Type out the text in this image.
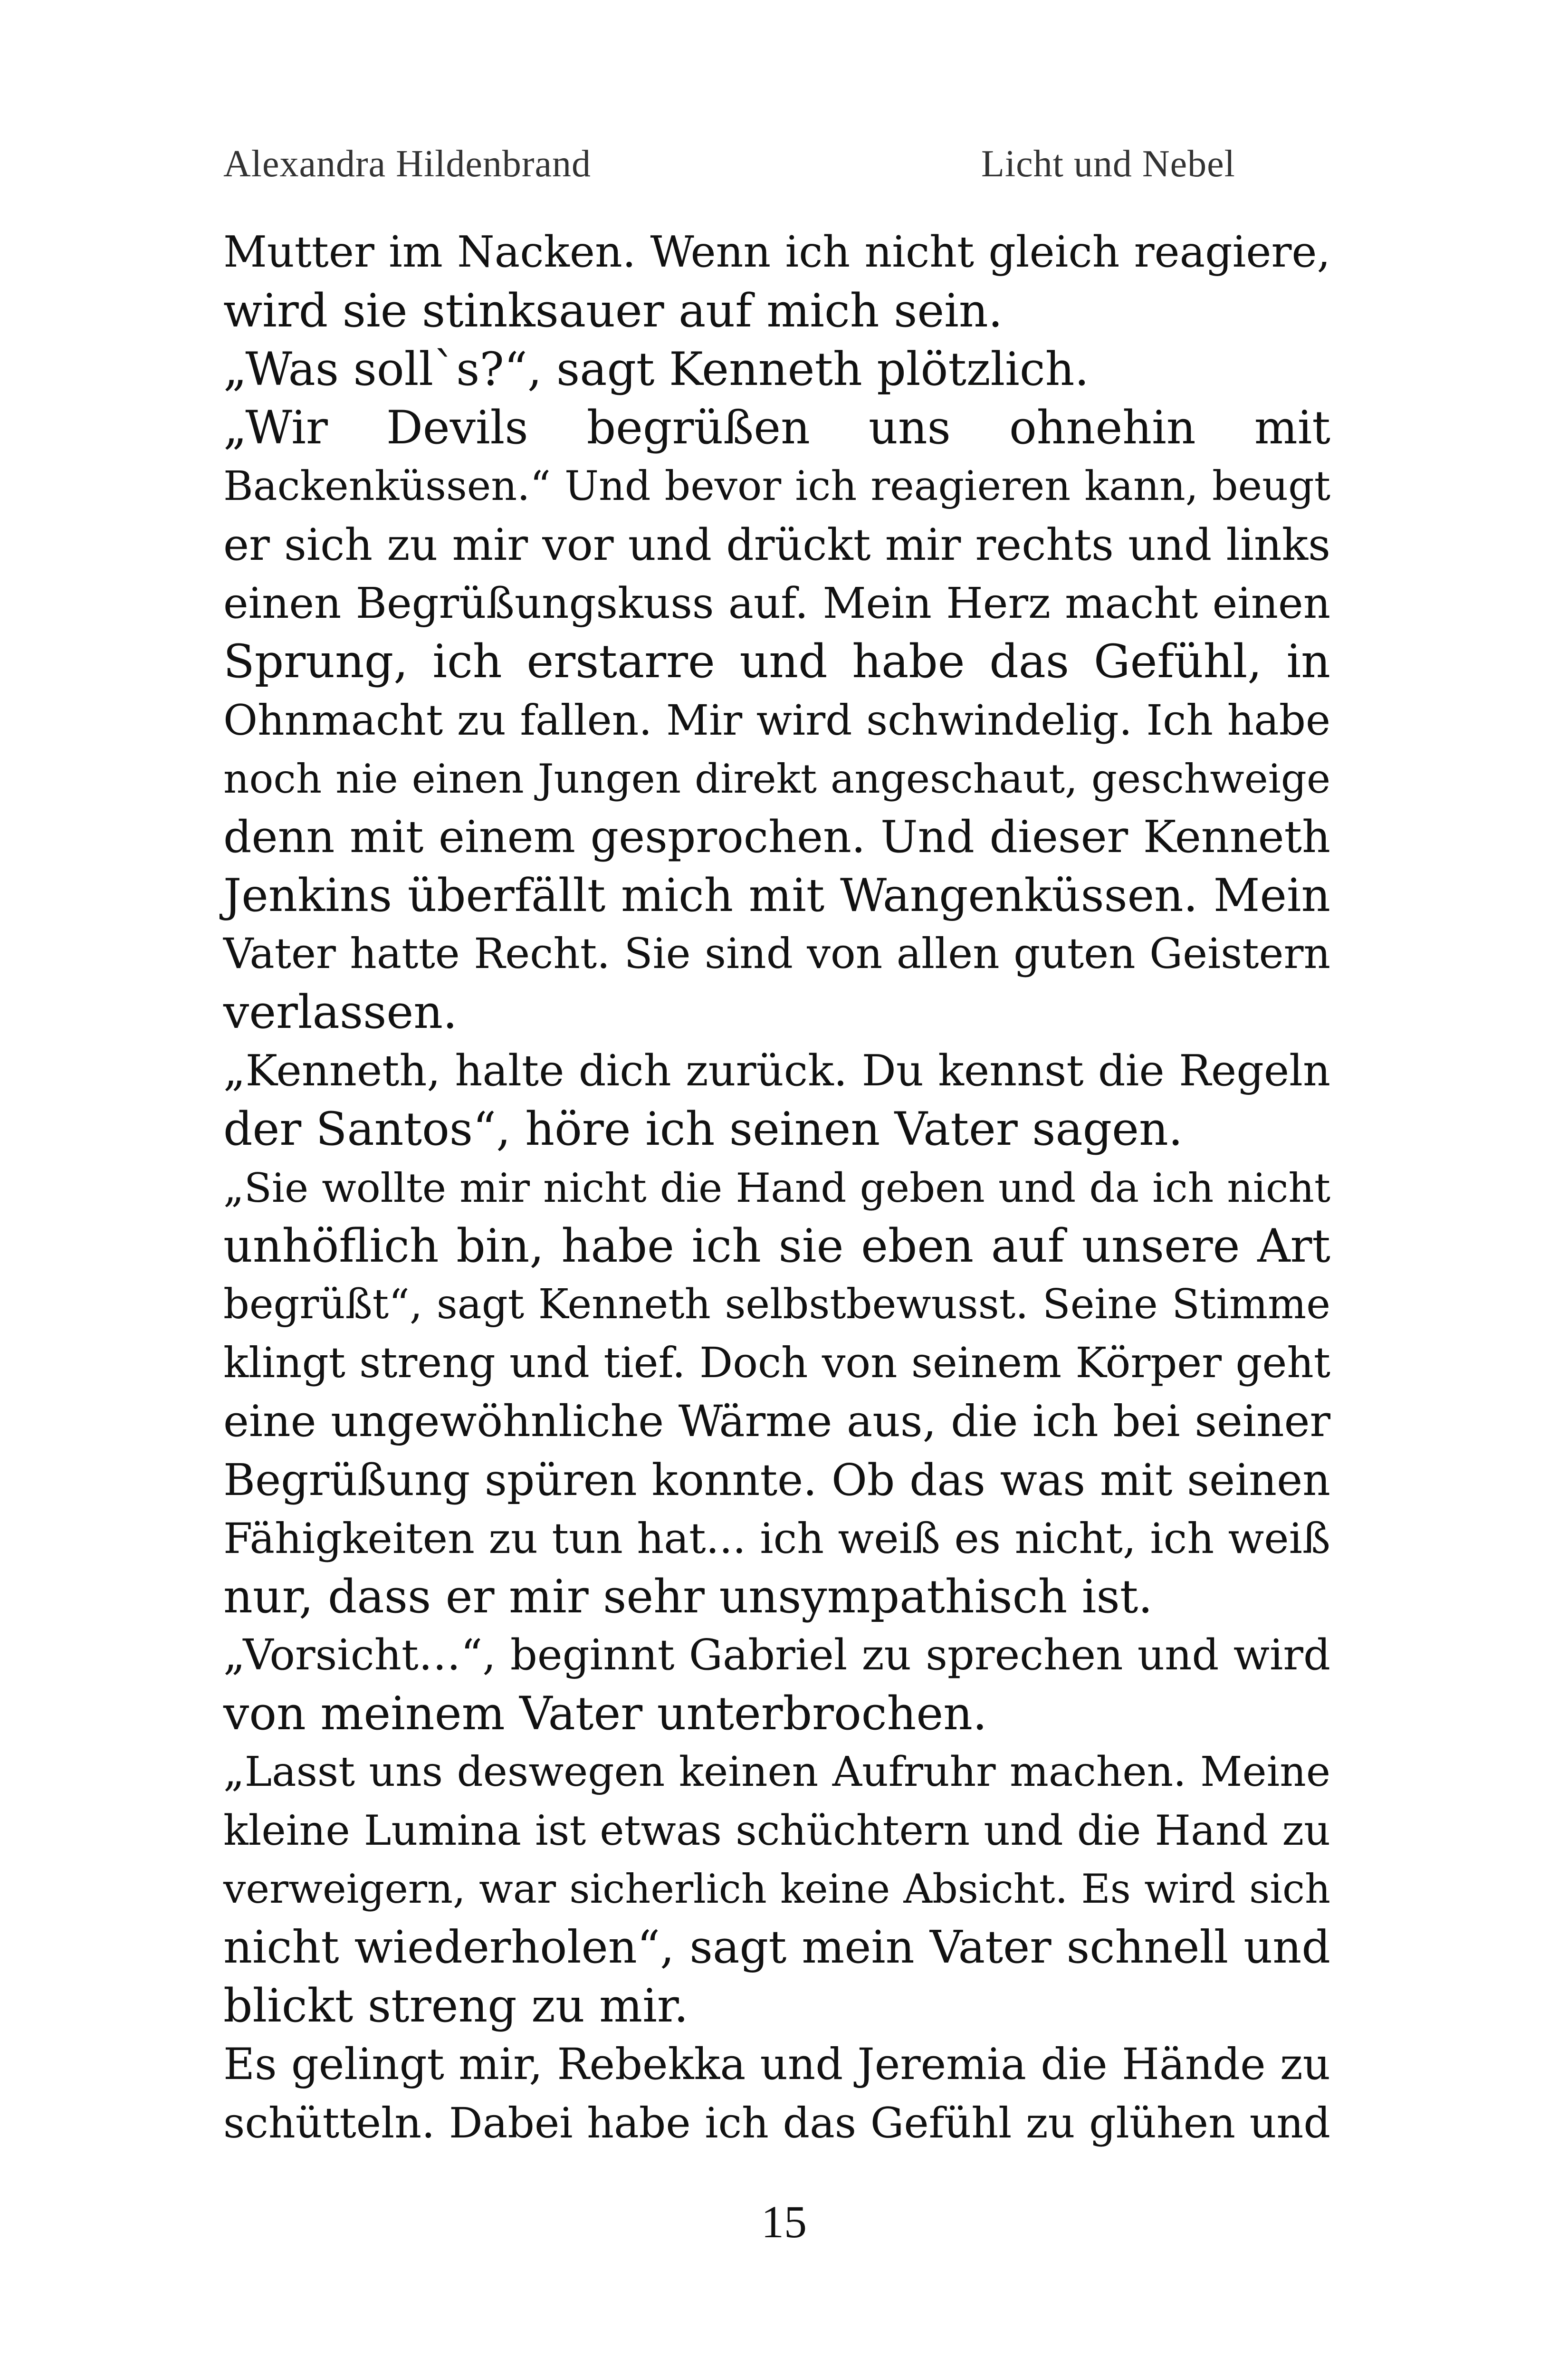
Alexandra Hildenbrand	Licht und Nebel
Mutter im Nacken. Wenn ich nicht gleich reagiere,
wird sie stinksauer auf mich sein.
„Was soll`s?“, sagt Kenneth plötzlich.
„Wir Devils begrüßen uns ohnehin mit
Backenküssen.“ Und bevor ich reagieren kann, beugt
er sich zu mir vor und drückt mir rechts und links
einen Begrüßungskuss auf. Mein Herz macht einen
Sprung, ich erstarre und habe das Gefühl, in
Ohnmacht zu fallen. Mir wird schwindelig. Ich habe
noch nie einen Jungen direkt angeschaut, geschweige
denn mit einem gesprochen. Und dieser Kenneth
Jenkins überfällt mich mit Wangenküssen. Mein
Vater hatte Recht. Sie sind von allen guten Geistern
verlassen.
„Kenneth, halte dich zurück. Du kennst die Regeln
der Santos“, höre ich seinen Vater sagen.
„Sie wollte mir nicht die Hand geben und da ich nicht
unhöflich bin, habe ich sie eben auf unsere Art
begrüßt“, sagt Kenneth selbstbewusst. Seine Stimme
klingt streng und tief. Doch von seinem Körper geht
eine ungewöhnliche Wärme aus, die ich bei seiner
Begrüßung spüren konnte. Ob das was mit seinen
Fähigkeiten zu tun hat... ich weiß es nicht, ich weiß
nur, dass er mir sehr unsympathisch ist.
„Vorsicht…“, beginnt Gabriel zu sprechen und wird
von meinem Vater unterbrochen.
„Lasst uns deswegen keinen Aufruhr machen. Meine
kleine Lumina ist etwas schüchtern und die Hand zu
verweigern, war sicherlich keine Absicht. Es wird sich
nicht wiederholen“, sagt mein Vater schnell und
blickt streng zu mir.
Es gelingt mir, Rebekka und Jeremia die Hände zu
schütteln. Dabei habe ich das Gefühl zu glühen und
15
